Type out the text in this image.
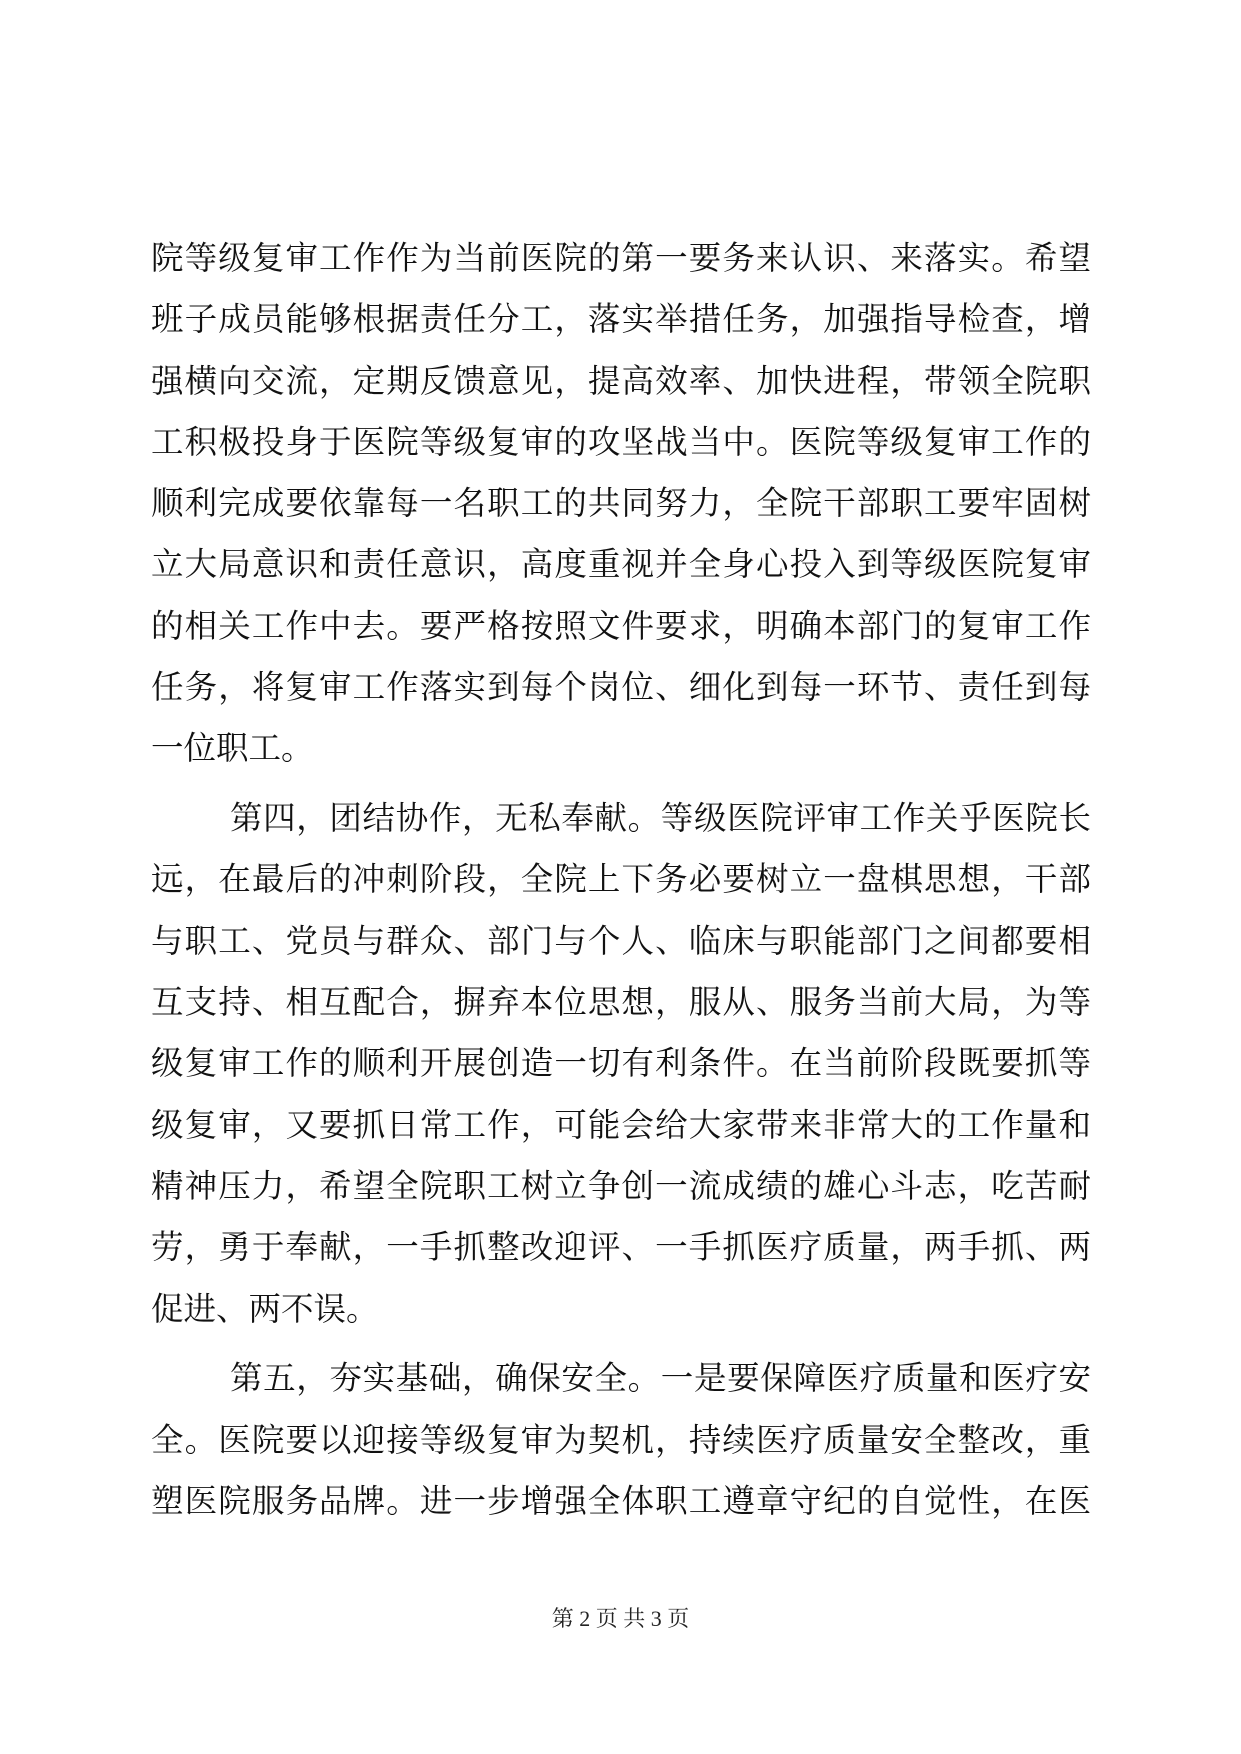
院等级复审工作作为当前医院的第一要务来认识、来落实。希望
班子成员能够根据责任分工，落实举措任务，加强指导检查，增
强横向交流，定期反馈意见，提高效率、加快进程，带领全院职
工积极投身于医院等级复审的攻坚战当中。医院等级复审工作的
顺利完成要依靠每一名职工的共同努力，全院干部职工要牢固树
立大局意识和责任意识，高度重视并全身心投入到等级医院复审
的相关工作中去。要严格按照文件要求，明确本部门的复审工作
任务，将复审工作落实到每个岗位、细化到每一环节、责任到每
一位职工。
第四，团结协作，无私奉献。等级医院评审工作关乎医院长
远，在最后的冲刺阶段，全院上下务必要树立一盘棋思想，干部
与职工、党员与群众、部门与个人、临床与职能部门之间都要相
互支持、相互配合，摒弃本位思想，服从、服务当前大局，为等
级复审工作的顺利开展创造一切有利条件。在当前阶段既要抓等
级复审，又要抓日常工作，可能会给大家带来非常大的工作量和
精神压力，希望全院职工树立争创一流成绩的雄心斗志，吃苦耐
劳，勇于奉献，一手抓整改迎评、一手抓医疗质量，两手抓、两
促进、两不误。
第五，夯实基础，确保安全。一是要保障医疗质量和医疗安
全。医院要以迎接等级复审为契机，持续医疗质量安全整改，重
塑医院服务品牌。进一步增强全体职工遵章守纪的自觉性，在医
第 2 页 共 3 页
